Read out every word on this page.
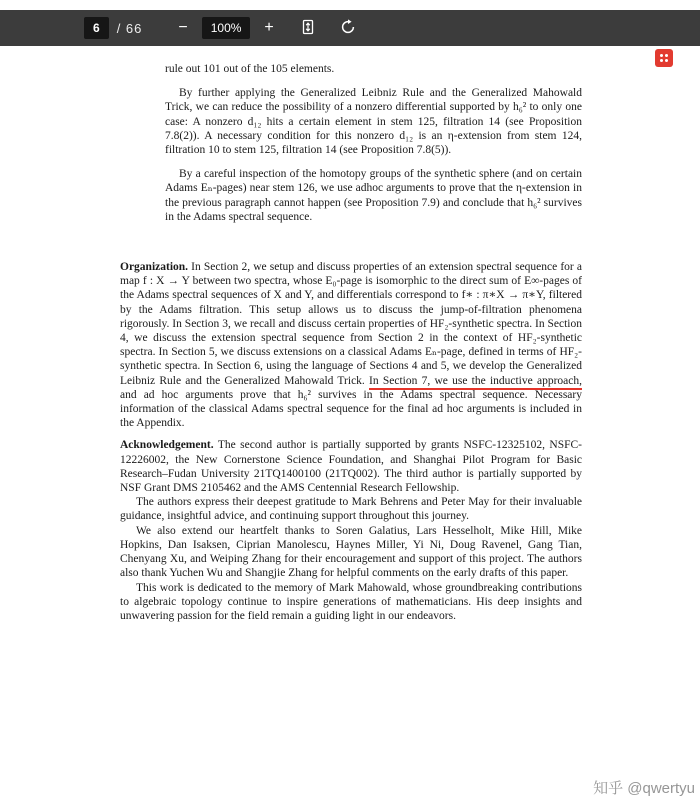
6	/ 66 −	100%	+

rule out 101 out of the 105 elements.

By further applying the Generalized Leibniz Rule and the Generalized Mahowald Trick, we can reduce the possibility of a nonzero differential supported by h₆² to only one case: A nonzero d₁₂ hits a certain element in stem 125, filtration 14 (see Proposition 7.8(2)). A necessary condition for this nonzero d₁₂ is an η-extension from stem 124, filtration 10 to stem 125, filtration 14 (see Proposition 7.8(5)).

By a careful inspection of the homotopy groups of the synthetic sphere (and on certain Adams Eₙ-pages) near stem 126, we use adhoc arguments to prove that the η-extension in the previous paragraph cannot happen (see Proposition 7.9) and conclude that h₆² survives in the Adams spectral sequence.

Organization. In Section 2, we setup and discuss properties of an extension spectral sequence for a map f : X → Y between two spectra, whose E₀-page is isomorphic to the direct sum of E∞-pages of the Adams spectral sequences of X and Y, and differentials correspond to f∗ : π∗X → π∗Y, filtered by the Adams filtration. This setup allows us to discuss the jump-of-filtration phenomena rigorously. In Section 3, we recall and discuss certain properties of HF₂-synthetic spectra. In Section 4, we discuss the extension spectral sequence from Section 2 in the context of HF₂-synthetic spectra. In Section 5, we discuss extensions on a classical Adams Eₙ-page, defined in terms of HF₂-synthetic spectra. In Section 6, using the language of Sections 4 and 5, we develop the Generalized Leibniz Rule and the Generalized Mahowald Trick. In Section 7, we use the inductive approach, and ad hoc arguments prove that h₆² survives in the Adams spectral sequence. Necessary information of the classical Adams spectral sequence for the final ad hoc arguments is included in the Appendix.

Acknowledgement. The second author is partially supported by grants NSFC-12325102, NSFC-12226002, the New Cornerstone Science Foundation, and Shanghai Pilot Program for Basic Research–Fudan University 21TQ1400100 (21TQ002). The third author is partially supported by NSF Grant DMS 2105462 and the AMS Centennial Research Fellowship.

The authors express their deepest gratitude to Mark Behrens and Peter May for their invaluable guidance, insightful advice, and continuing support throughout this journey.

We also extend our heartfelt thanks to Soren Galatius, Lars Hesselholt, Mike Hill, Mike Hopkins, Dan Isaksen, Ciprian Manolescu, Haynes Miller, Yi Ni, Doug Ravenel, Gang Tian, Chenyang Xu, and Weiping Zhang for their encouragement and support of this project. The authors also thank Yuchen Wu and Shangjie Zhang for helpful comments on the early drafts of this paper.

This work is dedicated to the memory of Mark Mahowald, whose groundbreaking contributions to algebraic topology continue to inspire generations of mathematicians. His deep insights and unwavering passion for the field remain a guiding light in our endeavors.

知乎 @qwertyu
